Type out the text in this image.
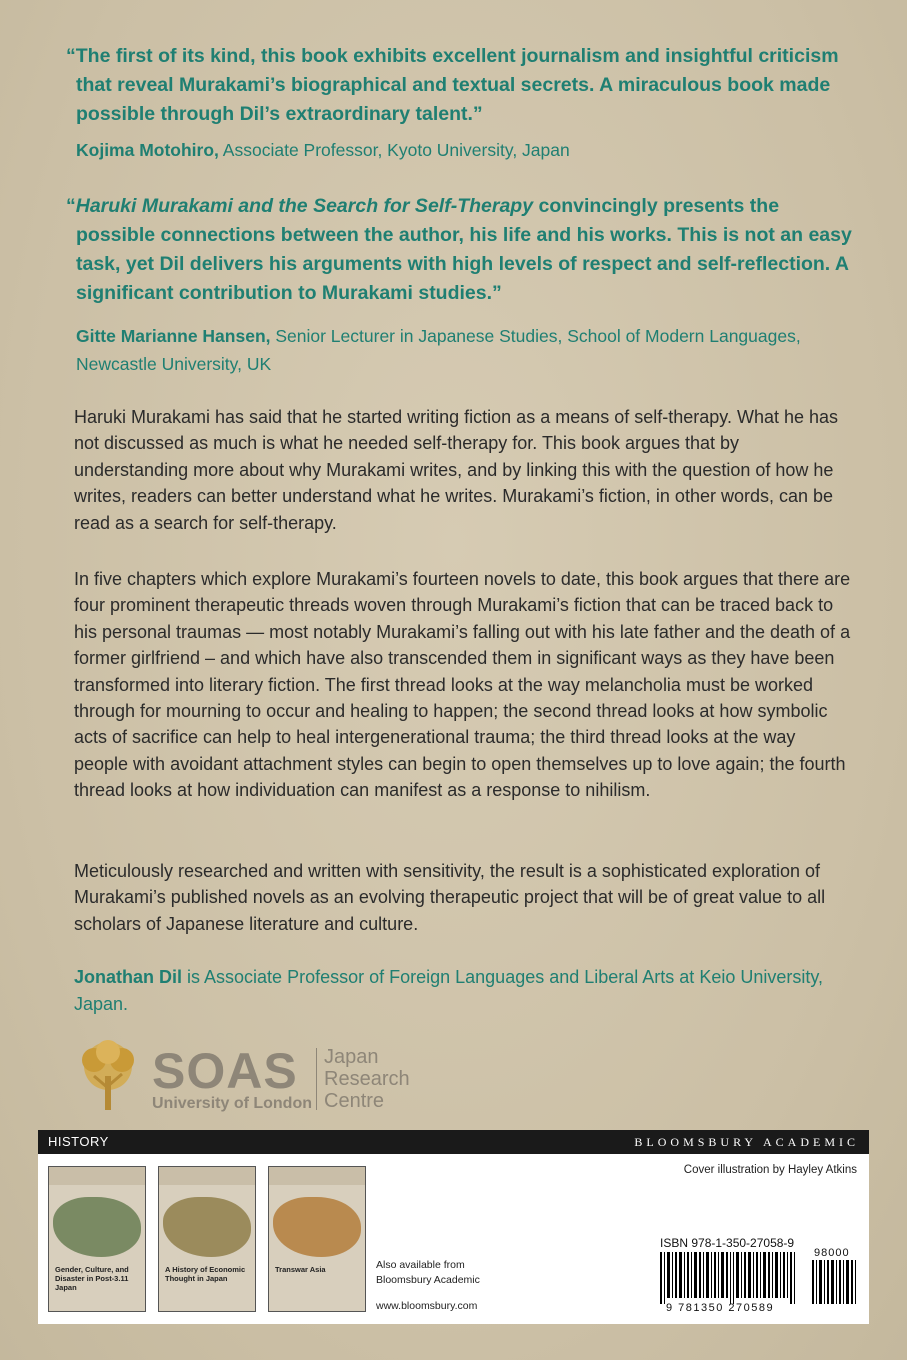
“The first of its kind, this book exhibits excellent journalism and insightful criticism that reveal Murakami’s biographical and textual secrets. A miraculous book made possible through Dil’s extraordinary talent.”

Kojima Motohiro, Associate Professor, Kyoto University, Japan

“Haruki Murakami and the Search for Self-Therapy convincingly presents the possible connections between the author, his life and his works. This is not an easy task, yet Dil delivers his arguments with high levels of respect and self-reflection. A significant contribution to Murakami studies.”

Gitte Marianne Hansen, Senior Lecturer in Japanese Studies, School of Modern Languages, Newcastle University, UK

Haruki Murakami has said that he started writing fiction as a means of self-therapy. What he has not discussed as much is what he needed self-therapy for. This book argues that by understanding more about why Murakami writes, and by linking this with the question of how he writes, readers can better understand what he writes. Murakami’s fiction, in other words, can be read as a search for self-therapy.

In five chapters which explore Murakami’s fourteen novels to date, this book argues that there are four prominent therapeutic threads woven through Murakami’s fiction that can be traced back to his personal traumas — most notably Murakami’s falling out with his late father and the death of a former girlfriend – and which have also transcended them in significant ways as they have been transformed into literary fiction. The first thread looks at the way melancholia must be worked through for mourning to occur and healing to happen; the second thread looks at how symbolic acts of sacrifice can help to heal intergenerational trauma; the third thread looks at the way people with avoidant attachment styles can begin to open themselves up to love again; the fourth thread looks at how individuation can manifest as a response to nihilism.

Meticulously researched and written with sensitivity, the result is a sophisticated exploration of Murakami’s published novels as an evolving therapeutic project that will be of great value to all scholars of Japanese literature and culture.

Jonathan Dil is Associate Professor of Foreign Languages and Liberal Arts at Keio University, Japan.
SOAS
University of London
Japan
Research
Centre
HISTORY	BLOOMSBURY ACADEMIC
Cover illustration by Hayley Atkins
Gender, Culture, and Disaster in Post-3.11 Japan
A History of Economic Thought in Japan
Transwar Asia	Also available from
Bloomsbury Academic
www.bloomsbury.com
ISBN 978-1-350-27058-9
98000
9 781350 270589
